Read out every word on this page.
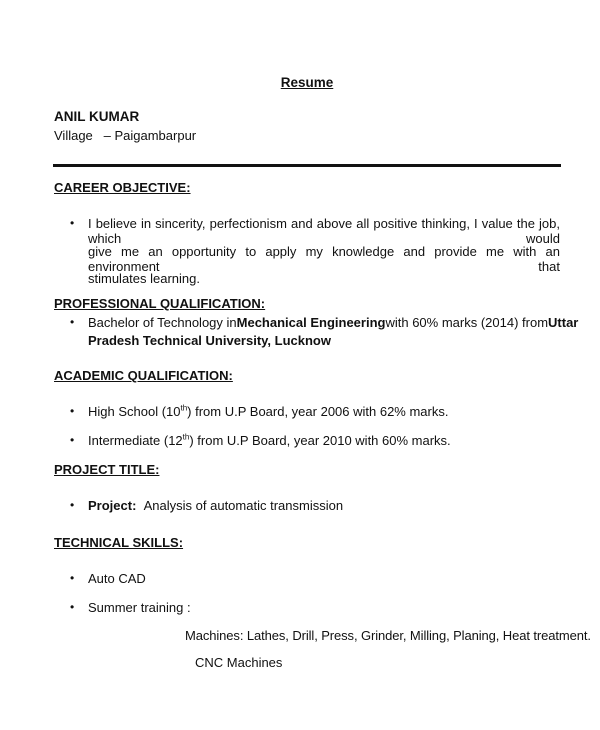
Resume
ANIL KUMAR
Village – Paigambarpur
CAREER OBJECTIVE:
• I believe in sincerity, perfectionism and above all positive thinking, I value the job, which would
give me an opportunity to apply my knowledge and provide me with an environment that
stimulates learning.
PROFESSIONAL QUALIFICATION:
• Bachelor of Technology in Mechanical Engineering with 60% marks (2014) from Uttar
Pradesh Technical University, Lucknow
ACADEMIC QUALIFICATION:
• High School (10th) from U.P Board, year 2006 with 62% marks.
• Intermediate (12th) from U.P Board, year 2010 with 60% marks.
PROJECT TITLE:
• Project: Analysis of automatic transmission
TECHNICAL SKILLS:
• Auto CAD
• Summer training :
Machines: Lathes, Drill, Press, Grinder, Milling, Planing, Heat treatment.
CNC Machines
